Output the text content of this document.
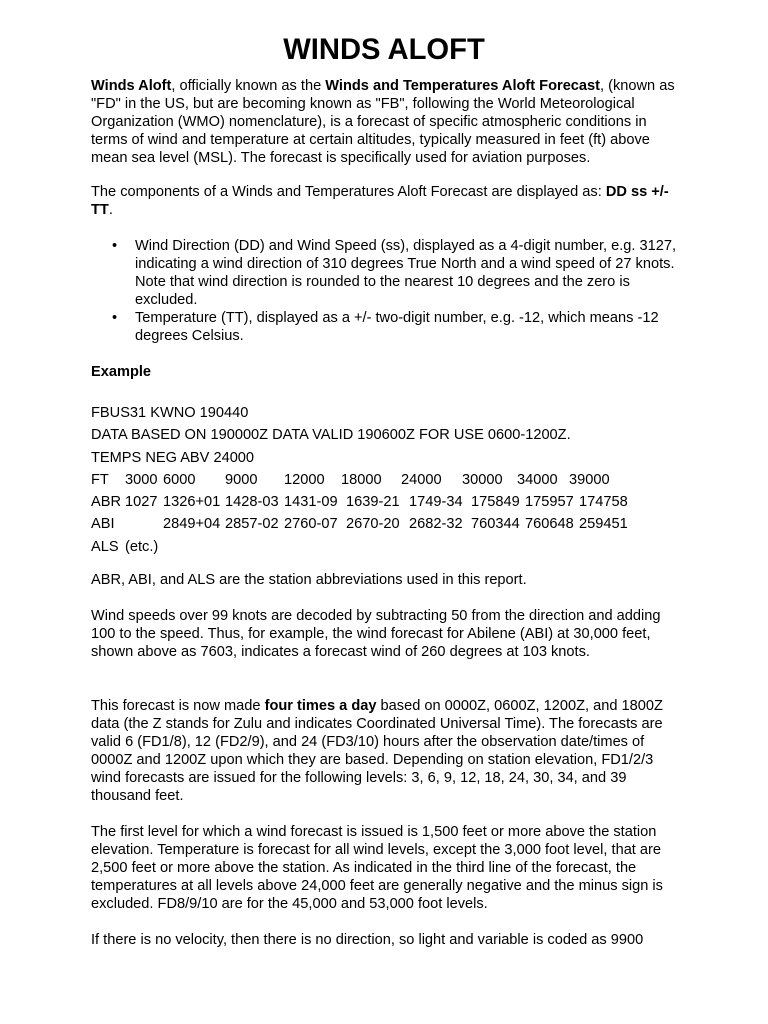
WINDS ALOFT

Winds Aloft, officially known as the Winds and Temperatures Aloft Forecast, (known as "FD" in the US, but are becoming known as "FB", following the World Meteorological Organization (WMO) nomenclature), is a forecast of specific atmospheric conditions in terms of wind and temperature at certain altitudes, typically measured in feet (ft) above mean sea level (MSL). The forecast is specifically used for aviation purposes.

The components of a Winds and Temperatures Aloft Forecast are displayed as: DD ss +/- TT.

• Wind Direction (DD) and Wind Speed (ss), displayed as a 4-digit number, e.g. 3127, indicating a wind direction of 310 degrees True North and a wind speed of 27 knots. Note that wind direction is rounded to the nearest 10 degrees and the zero is excluded.
• Temperature (TT), displayed as a +/- two-digit number, e.g. -12, which means -12 degrees Celsius.

Example

FBUS31 KWNO 190440
DATA BASED ON 190000Z DATA VALID 190600Z FOR USE 0600-1200Z.
TEMPS NEG ABV 24000
FT 3000 6000 9000 12000 18000 24000 30000 34000 39000
ABR 1027 1326+01 1428-03 1431-09 1639-21 1749-34 175849 175957 174758
ABI	2849+04 2857-02 2760-07 2670-20 2682-32 760344 760648 259451
ALS (etc.)

ABR, ABI, and ALS are the station abbreviations used in this report.

Wind speeds over 99 knots are decoded by subtracting 50 from the direction and adding 100 to the speed. Thus, for example, the wind forecast for Abilene (ABI) at 30,000 feet, shown above as 7603, indicates a forecast wind of 260 degrees at 103 knots.

This forecast is now made four times a day based on 0000Z, 0600Z, 1200Z, and 1800Z data (the Z stands for Zulu and indicates Coordinated Universal Time). The forecasts are valid 6 (FD1/8), 12 (FD2/9), and 24 (FD3/10) hours after the observation date/times of 0000Z and 1200Z upon which they are based. Depending on station elevation, FD1/2/3 wind forecasts are issued for the following levels: 3, 6, 9, 12, 18, 24, 30, 34, and 39 thousand feet.

The first level for which a wind forecast is issued is 1,500 feet or more above the station elevation. Temperature is forecast for all wind levels, except the 3,000 foot level, that are 2,500 feet or more above the station. As indicated in the third line of the forecast, the temperatures at all levels above 24,000 feet are generally negative and the minus sign is excluded. FD8/9/10 are for the 45,000 and 53,000 foot levels.

If there is no velocity, then there is no direction, so light and variable is coded as 9900
